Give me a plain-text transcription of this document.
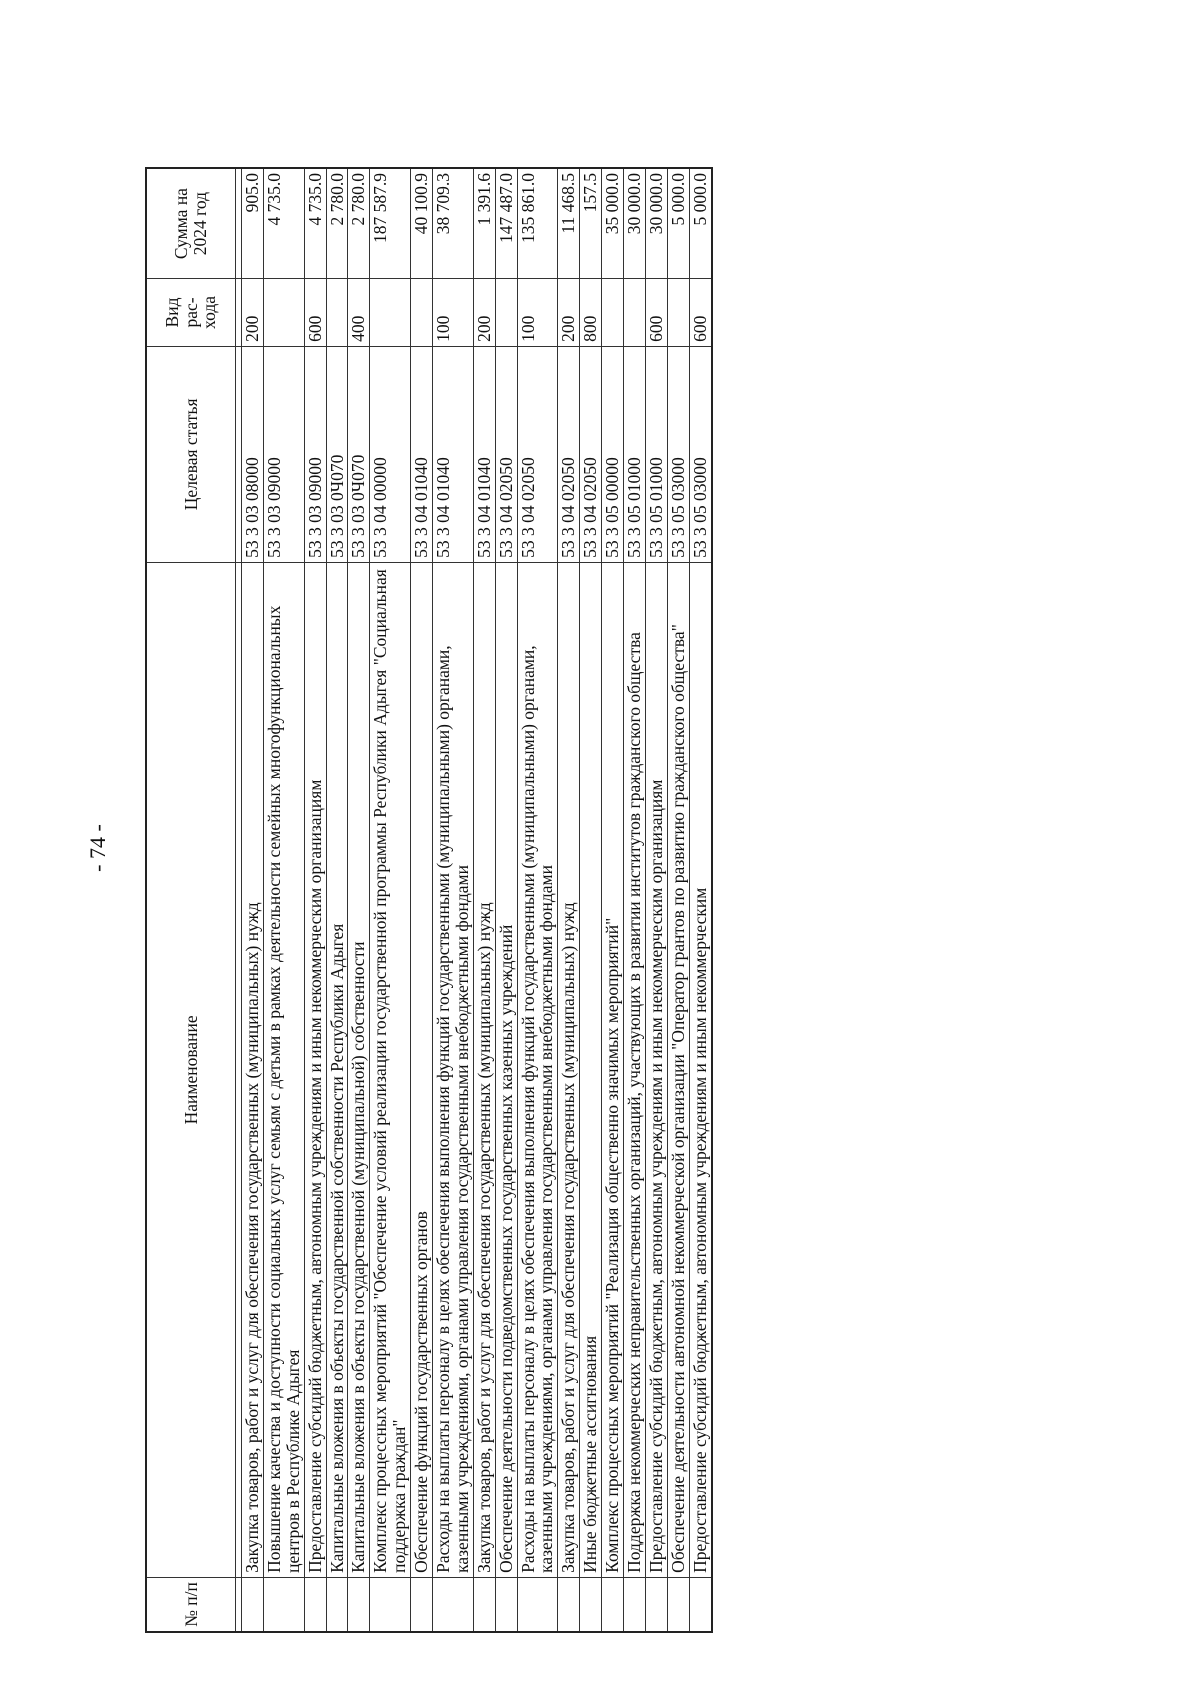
- 74 -
№ п/п	Наименование	Целевая статья	Вид рас- хода	Сумма на 2024 год

	Закупка товаров, работ и услуг для обеспечения государственных (муниципальных) нужд	53 3 03 08000	200	905.0
	Повышение качества и доступности социальных услуг семьям с детьми в рамках деятельности семейных многофункциональных центров в Республике Адыгея	53 3 03 09000		4 735.0
	Предоставление субсидий бюджетным, автономным учреждениям и иным некоммерческим организациям	53 3 03 09000	600	4 735.0
	Капитальные вложения в объекты государственной собственности Республики Адыгея	53 3 03 0Ч070		2 780.0
	Капитальные вложения в объекты государственной (муниципальной) собственности	53 3 03 0Ч070	400	2 780.0
	Комплекс процессных мероприятий "Обеспечение условий реализации государственной программы Республики Адыгея "Социальная поддержка граждан"	53 3 04 00000		187 587.9
	Обеспечение функций государственных органов	53 3 04 01040		40 100.9
	Расходы на выплаты персоналу в целях обеспечения выполнения функций государственными (муниципальными) органами, казенными учреждениями, органами управления государственными внебюджетными фондами	53 3 04 01040	100	38 709.3
	Закупка товаров, работ и услуг для обеспечения государственных (муниципальных) нужд	53 3 04 01040	200	1 391.6
	Обеспечение деятельности подведомственных государственных казенных учреждений	53 3 04 02050		147 487.0
	Расходы на выплаты персоналу в целях обеспечения выполнения функций государственными (муниципальными) органами, казенными учреждениями, органами управления государственными внебюджетными фондами	53 3 04 02050	100	135 861.0
	Закупка товаров, работ и услуг для обеспечения государственных (муниципальных) нужд	53 3 04 02050	200	11 468.5
	Иные бюджетные ассигнования	53 3 04 02050	800	157.5
	Комплекс процессных мероприятий "Реализация общественно значимых мероприятий"	53 3 05 00000		35 000.0
	Поддержка некоммерческих неправительственных организаций, участвующих в развитии институтов гражданского общества	53 3 05 01000		30 000.0
	Предоставление субсидий бюджетным, автономным учреждениям и иным некоммерческим организациям	53 3 05 01000	600	30 000.0
	Обеспечение деятельности автономной некоммерческой организации "Оператор грантов по развитию гражданского общества"	53 3 05 03000		5 000.0
	Предоставление субсидий бюджетным, автономным учреждениям и иным некоммерческим	53 3 05 03000	600	5 000.0
